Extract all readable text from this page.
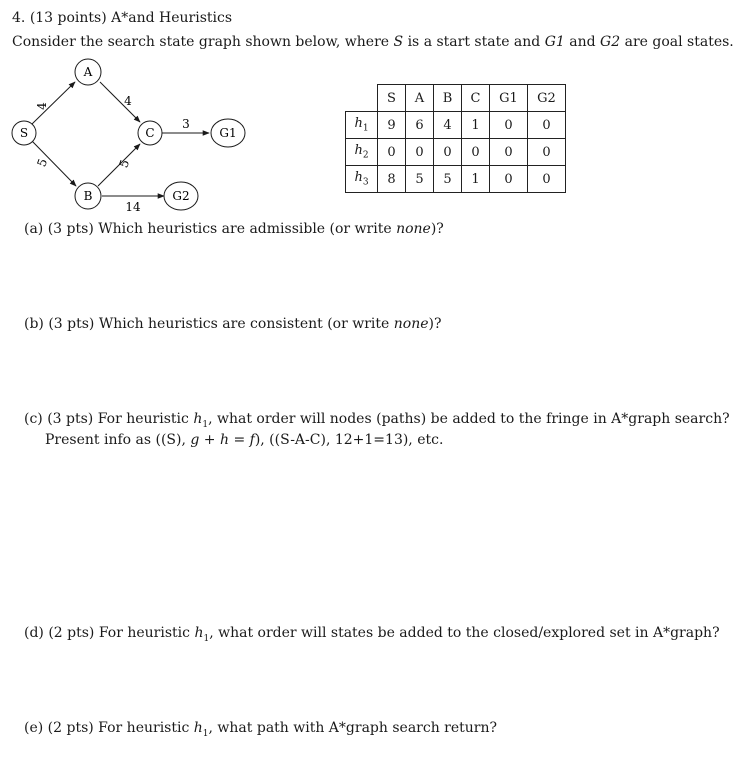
4. (13 points) A*and Heuristics
Consider the search state graph shown below, where S is a start state and G1 and G2 are goal states.
4
5
4
5
3
14
S
A
B
C	G1
G2
	S	A	B	C	G1	G2
$h_1$	9	6	4	1	0	0
$h_2$	0	0	0	0	0	0
$h_3$	8	5	5	1	0	0
(a) (3 pts) Which heuristics are admissible (or write none)?
(b) (3 pts) Which heuristics are consistent (or write none)?
(c) (3 pts) For heuristic $h_1$, what order will nodes (paths) be added to the fringe in A*graph search?
Present info as ((S), g + h = f), ((S-A-C), 12+1=13), etc.
(d) (2 pts) For heuristic $h_1$, what order will states be added to the closed/explored set in A*graph?
(e) (2 pts) For heuristic $h_1$, what path with A*graph search return?
